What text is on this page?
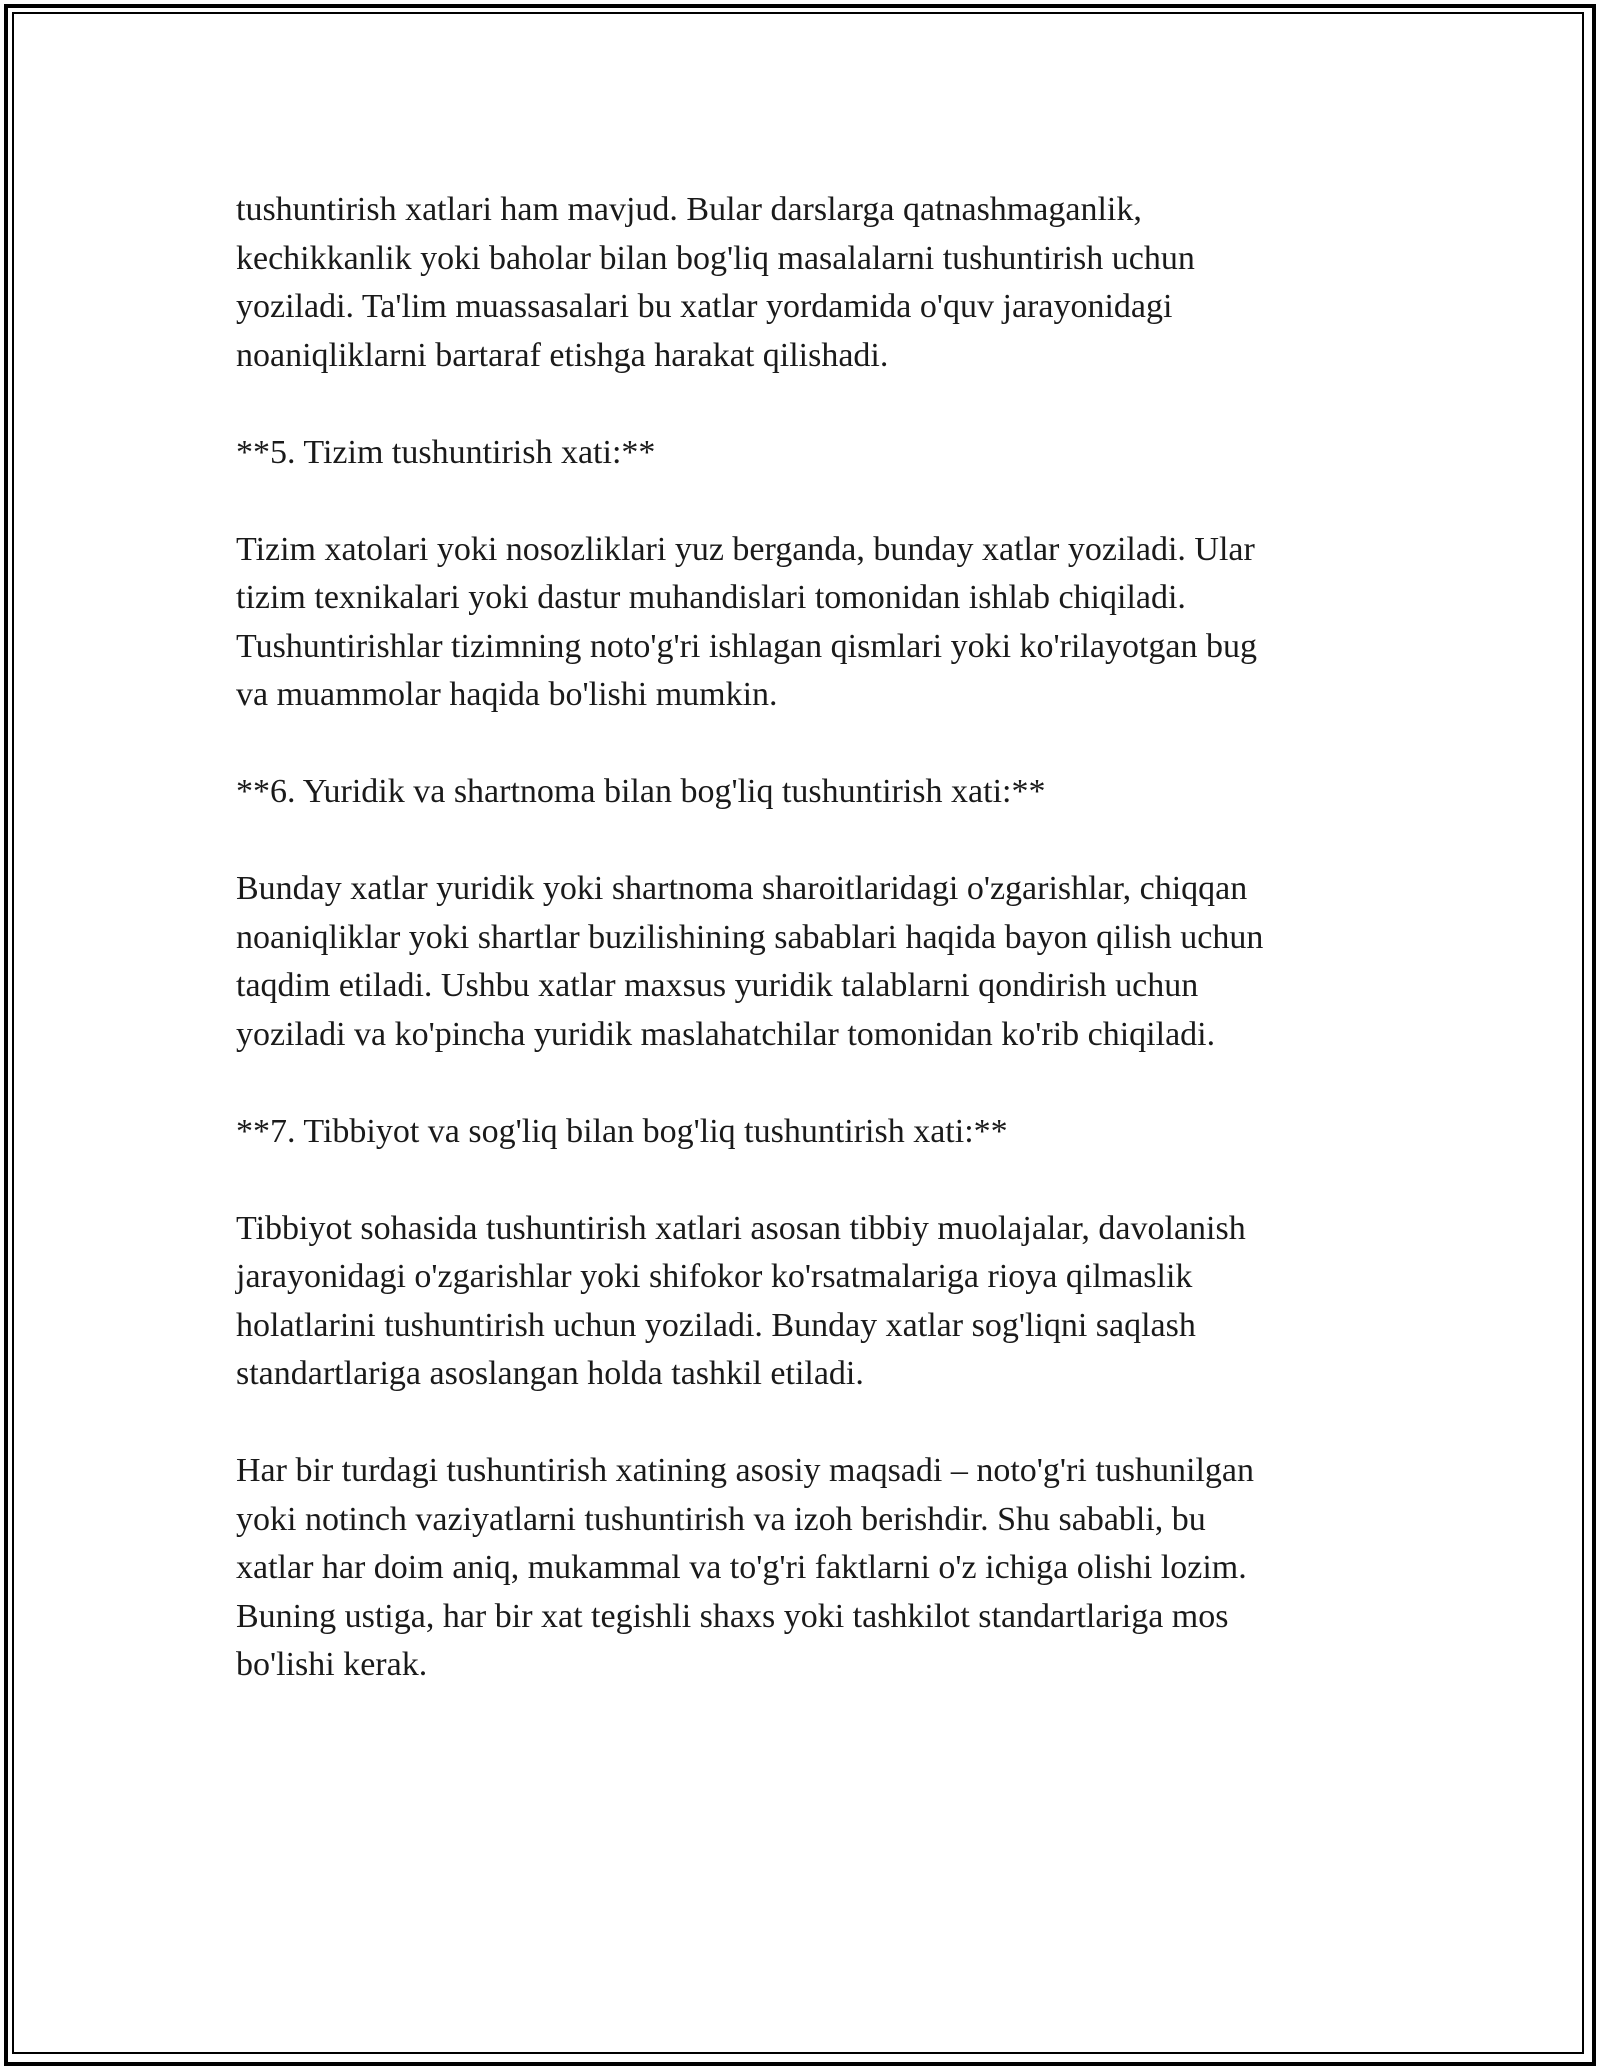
tushuntirish xatlari ham mavjud. Bular darslarga qatnashmaganlik,
kechikkanlik yoki baholar bilan bog'liq masalalarni tushuntirish uchun
yoziladi. Ta'lim muassasalari bu xatlar yordamida o'quv jarayonidagi
noaniqliklarni bartaraf etishga harakat qilishadi.

**5. Tizim tushuntirish xati:**

Tizim xatolari yoki nosozliklari yuz berganda, bunday xatlar yoziladi. Ular
tizim texnikalari yoki dastur muhandislari tomonidan ishlab chiqiladi.
Tushuntirishlar tizimning noto'g'ri ishlagan qismlari yoki ko'rilayotgan bug
va muammolar haqida bo'lishi mumkin.

**6. Yuridik va shartnoma bilan bog'liq tushuntirish xati:**

Bunday xatlar yuridik yoki shartnoma sharoitlaridagi o'zgarishlar, chiqqan
noaniqliklar yoki shartlar buzilishining sabablari haqida bayon qilish uchun
taqdim etiladi. Ushbu xatlar maxsus yuridik talablarni qondirish uchun
yoziladi va ko'pincha yuridik maslahatchilar tomonidan ko'rib chiqiladi.

**7. Tibbiyot va sog'liq bilan bog'liq tushuntirish xati:**

Tibbiyot sohasida tushuntirish xatlari asosan tibbiy muolajalar, davolanish
jarayonidagi o'zgarishlar yoki shifokor ko'rsatmalariga rioya qilmaslik
holatlarini tushuntirish uchun yoziladi. Bunday xatlar sog'liqni saqlash
standartlariga asoslangan holda tashkil etiladi.

Har bir turdagi tushuntirish xatining asosiy maqsadi – noto'g'ri tushunilgan
yoki notinch vaziyatlarni tushuntirish va izoh berishdir. Shu sababli, bu
xatlar har doim aniq, mukammal va to'g'ri faktlarni o'z ichiga olishi lozim.
Buning ustiga, har bir xat tegishli shaxs yoki tashkilot standartlariga mos
bo'lishi kerak.
